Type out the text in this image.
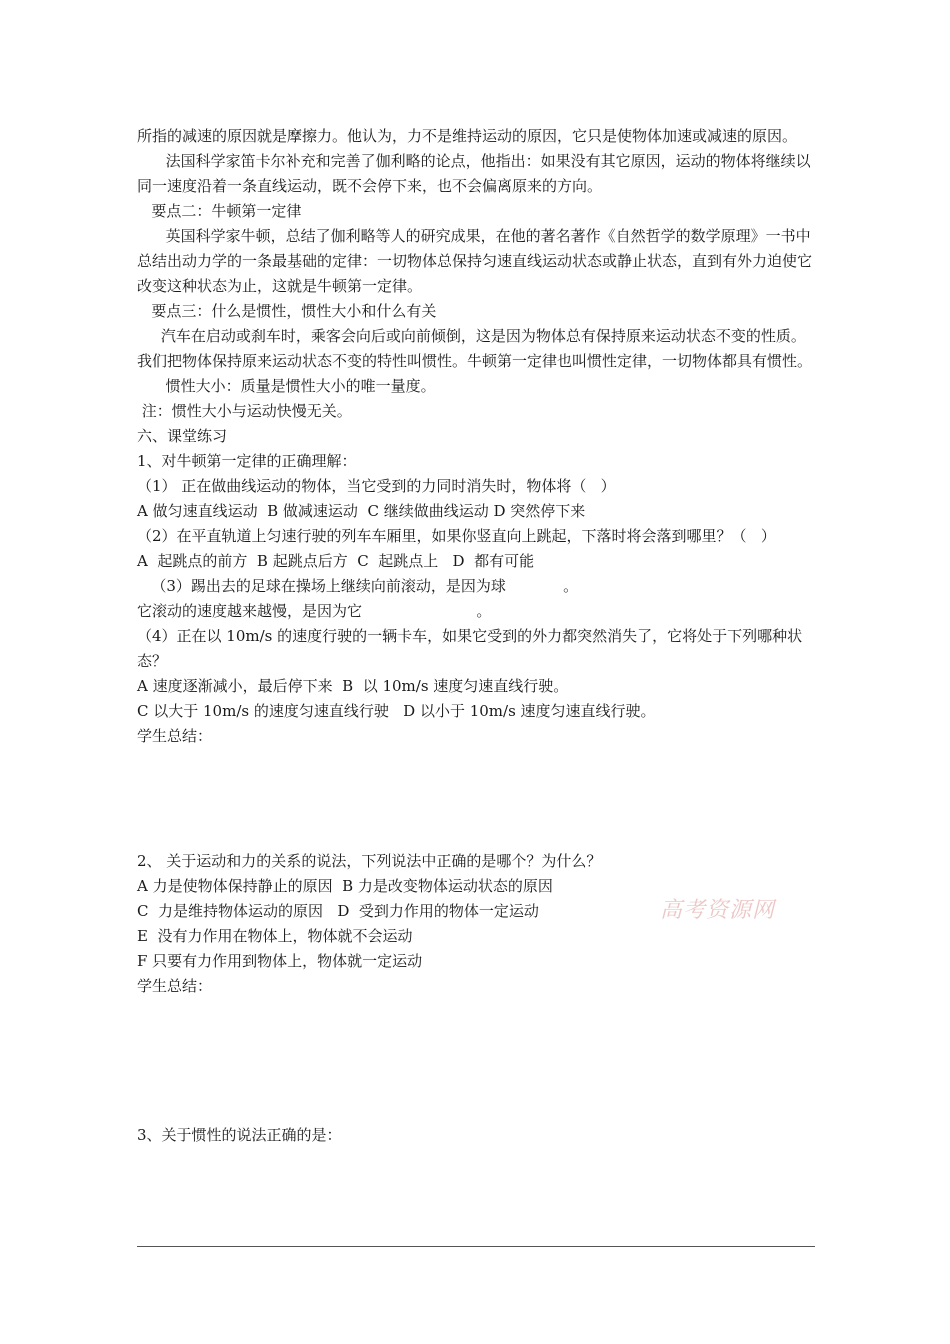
所指的减速的原因就是摩擦力。他认为，力不是维持运动的原因，它只是使物体加速或减速的原因。

法国科学家笛卡尔补充和完善了伽利略的论点，他指出：如果没有其它原因，运动的物体将继续以同一速度沿着一条直线运动，既不会停下来，也不会偏离原来的方向。

要点二：牛顿第一定律

英国科学家牛顿，总结了伽利略等人的研究成果，在他的著名著作《自然哲学的数学原理》一书中总结出动力学的一条最基础的定律：一切物体总保持匀速直线运动状态或静止状态，直到有外力迫使它改变这种状态为止，这就是牛顿第一定律。

要点三：什么是惯性，惯性大小和什么有关

汽车在启动或刹车时，乘客会向后或向前倾倒，这是因为物体总有保持原来运动状态不变的性质。我们把物体保持原来运动状态不变的特性叫惯性。牛顿第一定律也叫惯性定律，一切物体都具有惯性。

惯性大小：质量是惯性大小的唯一量度。

注：惯性大小与运动快慢无关。

六、课堂练习

1、对牛顿第一定律的正确理解：

（1） 正在做曲线运动的物体，当它受到的力同时消失时，物体将（   ）

A 做匀速直线运动  B 做减速运动  C 继续做曲线运动 D 突然停下来

（2）在平直轨道上匀速行驶的列车车厢里，如果你竖直向上跳起，下落时将会落到哪里？（   ）

A  起跳点的前方  B 起跳点后方  C  起跳点上   D  都有可能

（3）踢出去的足球在操场上继续向前滚动，是因为球            。

它滚动的速度越来越慢，是因为它                        。

（4）正在以 10m/s 的速度行驶的一辆卡车，如果它受到的外力都突然消失了，它将处于下列哪种状态？

A 速度逐渐减小，最后停下来  B  以 10m/s 速度匀速直线行驶。

C 以大于 10m/s 的速度匀速直线行驶   D 以小于 10m/s 速度匀速直线行驶。

学生总结：

2、 关于运动和力的关系的说法，下列说法中正确的是哪个？为什么？

A 力是使物体保持静止的原因  B 力是改变物体运动状态的原因

C  力是维持物体运动的原因   D  受到力作用的物体一定运动

E  没有力作用在物体上，物体就不会运动

F 只要有力作用到物体上，物体就一定运动

学生总结：

3、关于惯性的说法正确的是：

高考资源网
